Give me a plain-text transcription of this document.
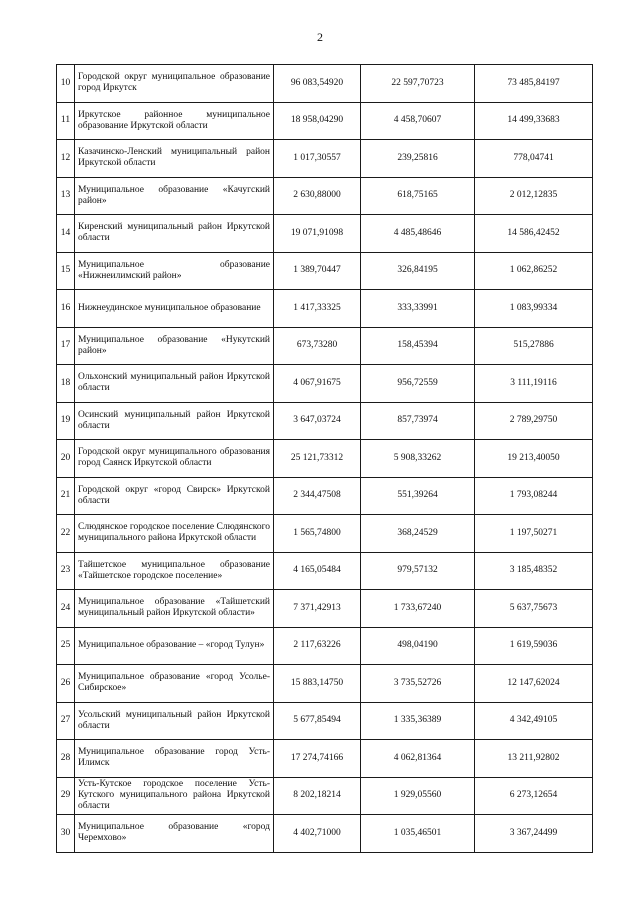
2
10	Городской округ муниципальное образование город Иркутск	96 083,54920	22 597,70723	73 485,84197
11	Иркутское районное муниципальное образование Иркутской области	18 958,04290	4 458,70607	14 499,33683
12	Казачинско-Ленский муниципальный район Иркутской области	1 017,30557	239,25816	778,04741
13	Муниципальное образование «Качугский район»	2 630,88000	618,75165	2 012,12835
14	Киренский муниципальный район Иркутской области	19 071,91098	4 485,48646	14 586,42452
15	Муниципальное образование «Нижнеилимский район»	1 389,70447	326,84195	1 062,86252
16	Нижнеудинское муниципальное образование	1 417,33325	333,33991	1 083,99334
17	Муниципальное образование «Нукутский район»	673,73280	158,45394	515,27886
18	Ольхонский муниципальный район Иркутской области	4 067,91675	956,72559	3 111,19116
19	Осинский муниципальный район Иркутской области	3 647,03724	857,73974	2 789,29750
20	Городской округ муниципального образования город Саянск Иркутской области	25 121,73312	5 908,33262	19 213,40050
21	Городской округ «город Свирск» Иркутской области	2 344,47508	551,39264	1 793,08244
22	Слюдянское городское поселение Слюдянского муниципального района Иркутской области	1 565,74800	368,24529	1 197,50271
23	Тайшетское муниципальное образование «Тайшетское городское поселение»	4 165,05484	979,57132	3 185,48352
24	Муниципальное образование «Тайшетский муниципальный район Иркутской области»	7 371,42913	1 733,67240	5 637,75673
25	Муниципальное образование – «город Тулун»	2 117,63226	498,04190	1 619,59036
26	Муниципальное образование «город Усолье-Сибирское»	15 883,14750	3 735,52726	12 147,62024
27	Усольский муниципальный район Иркутской области	5 677,85494	1 335,36389	4 342,49105
28	Муниципальное образование город Усть-Илимск	17 274,74166	4 062,81364	13 211,92802
29	Усть-Кутское городское поселение Усть-Кутского муниципального района Иркутской области	8 202,18214	1 929,05560	6 273,12654
30	Муниципальное образование «город Черемхово»	4 402,71000	1 035,46501	3 367,24499
